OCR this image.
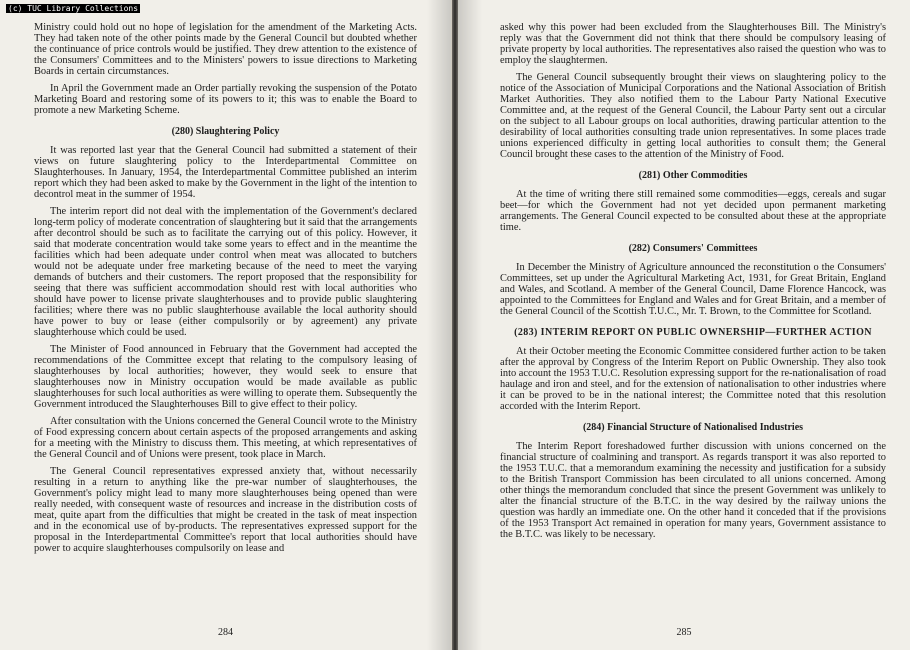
(c) TUC Library Collections

Ministry could hold out no hope of legislation for the amendment of the Marketing Acts. They had taken note of the other points made by the General Council but doubted whether the continuance of price controls would be justified. They drew attention to the existence of the Consumers' Committees and to the Ministers' powers to issue directions to Marketing Boards in certain circumstances.

In April the Government made an Order partially revoking the suspension of the Potato Marketing Board and restoring some of its powers to it; this was to enable the Board to promote a new Marketing Scheme.

(280) Slaughtering Policy

It was reported last year that the General Council had submitted a statement of their views on future slaughtering policy to the Interdepartmental Committee on Slaughterhouses. In January, 1954, the Interdepartmental Committee published an interim report which they had been asked to make by the Government in the light of the intention to decontrol meat in the summer of 1954.

The interim report did not deal with the implementation of the Government's declared long-term policy of moderate concentration of slaughtering but it said that the arrangements after decontrol should be such as to facilitate the carrying out of this policy. However, it said that moderate concentration would take some years to effect and in the meantime the facilities which had been adequate under control when meat was allocated to butchers would not be adequate under free marketing because of the need to meet the varying demands of butchers and their customers. The report proposed that the responsibility for seeing that there was sufficient accommodation should rest with local authorities who should have power to license private slaughterhouses and to provide public slaughtering facilities; where there was no public slaughterhouse available the local authority should have power to buy or lease (either compulsorily or by agreement) any private slaughterhouse which could be used.

The Minister of Food announced in February that the Government had accepted the recommendations of the Committee except that relating to the compulsory leasing of slaughterhouses by local authorities; however, they would seek to ensure that slaughterhouses now in Ministry occupation would be made available as public slaughterhouses for such local authorities as were willing to operate them. Subsequently the Government introduced the Slaughterhouses Bill to give effect to their policy.

After consultation with the Unions concerned the General Council wrote to the Ministry of Food expressing concern about certain aspects of the proposed arrangements and asking for a meeting with the Ministry to discuss them. This meeting, at which representatives of the General Council and of Unions were present, took place in March.

The General Council representatives expressed anxiety that, without necessarily resulting in a return to anything like the pre-war number of slaughterhouses, the Government's policy might lead to many more slaughterhouses being opened than were really needed, with consequent waste of resources and increase in the distribution costs of meat, quite apart from the difficulties that might be created in the task of meat inspection and in the economical use of by-products. The representatives expressed support for the proposal in the Interdepartmental Committee's report that local authorities should have power to acquire slaughterhouses compulsorily on lease and

284

asked why this power had been excluded from the Slaughterhouses Bill. The Ministry's reply was that the Government did not think that there should be compulsory leasing of private property by local authorities. The representatives also raised the question who was to employ the slaughtermen.

The General Council subsequently brought their views on slaughtering policy to the notice of the Association of Municipal Corporations and the National Association of British Market Authorities. They also notified them to the Labour Party National Executive Committee and, at the request of the General Council, the Labour Party sent out a circular on the subject to all Labour groups on local authorities, drawing particular attention to the desirability of local authorities consulting trade union representatives. In some places trade unions experienced difficulty in getting local authorities to consult them; the General Council brought these cases to the attention of the Ministry of Food.

(281) Other Commodities

At the time of writing there still remained some commodities—eggs, cereals and sugar beet—for which the Government had not yet decided upon permanent marketing arrangements. The General Council expected to be consulted about these at the appropriate time.

(282) Consumers' Committees

In December the Ministry of Agriculture announced the reconstitution o the Consumers' Committees, set up under the Agricultural Marketing Act, 1931, for Great Britain, England and Wales, and Scotland. A member of the General Council, Dame Florence Hancock, was appointed to the Committees for England and Wales and for Great Britain, and a member of the General Council of the Scottish T.U.C., Mr. T. Brown, to the Committee for Scotland.

(283) INTERIM REPORT ON PUBLIC OWNERSHIP—FURTHER ACTION

At their October meeting the Economic Committee considered further action to be taken after the approval by Congress of the Interim Report on Public Ownership. They also took into account the 1953 T.U.C. Resolution expressing support for the re-nationalisation of road haulage and iron and steel, and for the extension of nationalisation to other industries where it can be proved to be in the national interest; the Committee noted that this resolution accorded with the Interim Report.

(284) Financial Structure of Nationalised Industries

The Interim Report foreshadowed further discussion with unions concerned on the financial structure of coalmining and transport. As regards transport it was also reported to the 1953 T.U.C. that a memorandum examining the necessity and justification for a subsidy to the British Transport Commission has been circulated to all unions concerned. Among other things the memorandum concluded that since the present Government was unlikely to alter the financial structure of the B.T.C. in the way desired by the railway unions the question was hardly an immediate one. On the other hand it conceded that if the provisions of the 1953 Transport Act remained in operation for many years, Government assistance to the B.T.C. was likely to be necessary.

285
